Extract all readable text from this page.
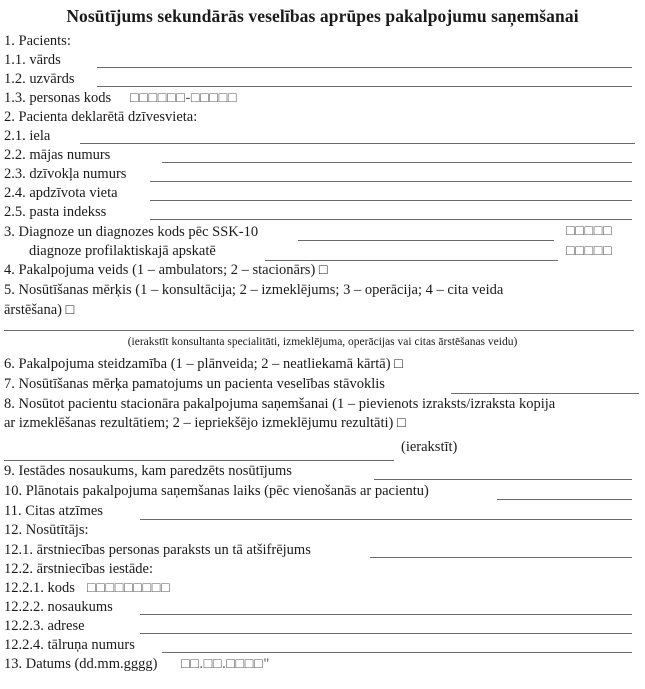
Nosūtījums sekundārās veselības aprūpes pakalpojumu saņemšanai
1. Pacients:
1.1. vārds
1.2. uzvārds
1.3. personas kods □□□□□□-□□□□□
2. Pacienta deklarētā dzīvesvieta:
2.1. iela
2.2. mājas numurs
2.3. dzīvokļa numurs
2.4. apdzīvota vieta
2.5. pasta indekss
3. Diagnoze un diagnozes kods pēc SSK-10	□□□□□
diagnoze profilaktiskajā apskatē	□□□□□
4. Pakalpojuma veids (1 – ambulators; 2 – stacionārs) □
5. Nosūtīšanas mērķis (1 – konsultācija; 2 – izmeklējums; 3 – operācija; 4 – cita veida
ārstēšana) □
(ierakstīt konsultanta specialitāti, izmeklējuma, operācijas vai citas ārstēšanas veidu)
6. Pakalpojuma steidzamība (1 – plānveida; 2 – neatliekamā kārtā) □
7. Nosūtīšanas mērķa pamatojums un pacienta veselības stāvoklis
8. Nosūtot pacientu stacionāra pakalpojuma saņemšanai (1 – pievienots izraksts/izraksta kopija
ar izmeklēšanas rezultātiem; 2 – iepriekšējo izmeklējumu rezultāti) □
(ierakstīt)
9. Iestādes nosaukums, kam paredzēts nosūtījums
10. Plānotais pakalpojuma saņemšanas laiks (pēc vienošanās ar pacientu)
11. Citas atzīmes
12. Nosūtītājs:
12.1. ārstniecības personas paraksts un tā atšifrējums
12.2. ārstniecības iestāde:
12.2.1. kods □□□□□□□□□
12.2.2. nosaukums
12.2.3. adrese
12.2.4. tālruņa numurs
13. Datums (dd.mm.gggg) □□.□□.□□□□"
